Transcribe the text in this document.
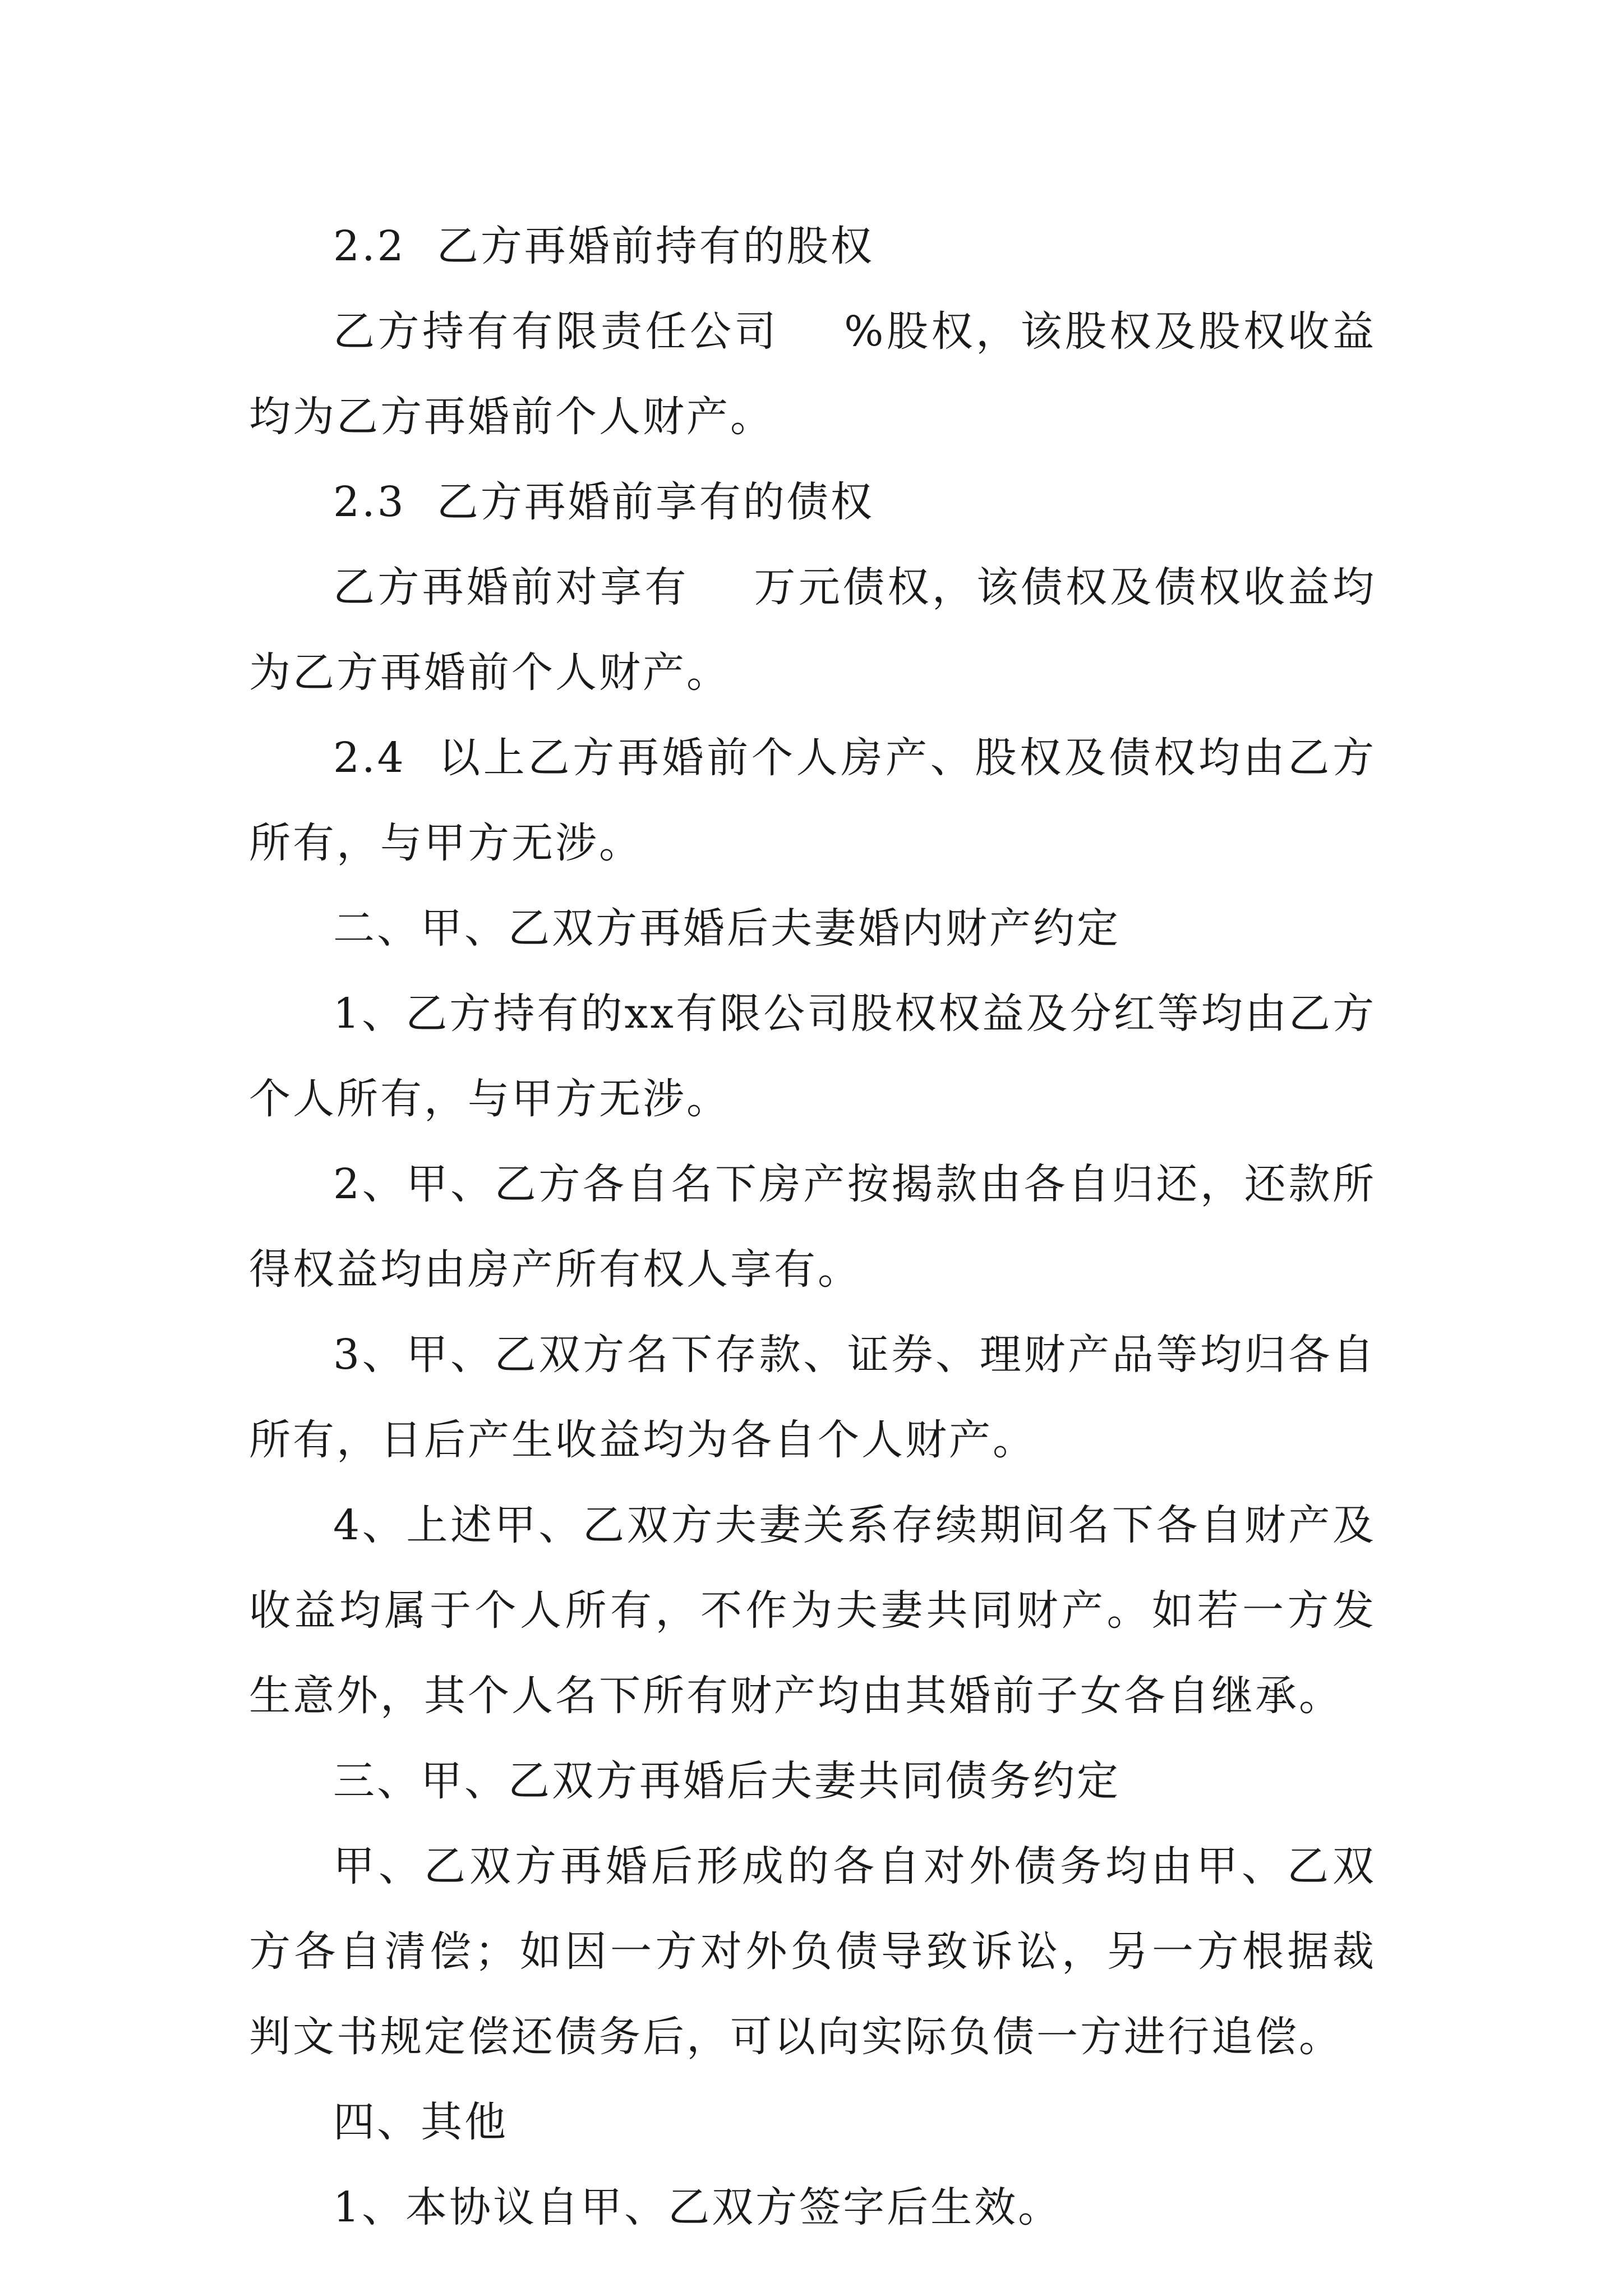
2.2  乙方再婚前持有的股权

乙方持有有限责任公司    %股权，该股权及股权收益均为乙方再婚前个人财产。

2.3  乙方再婚前享有的债权

乙方再婚前对享有    万元债权，该债权及债权收益均为乙方再婚前个人财产。

2.4  以上乙方再婚前个人房产、股权及债权均由乙方所有，与甲方无涉。

二、甲、乙双方再婚后夫妻婚内财产约定

1、乙方持有的xx有限公司股权权益及分红等均由乙方个人所有，与甲方无涉。

2、甲、乙方各自名下房产按揭款由各自归还，还款所得权益均由房产所有权人享有。

3、甲、乙双方名下存款、证券、理财产品等均归各自所有，日后产生收益均为各自个人财产。

4、上述甲、乙双方夫妻关系存续期间名下各自财产及收益均属于个人所有，不作为夫妻共同财产。如若一方发生意外，其个人名下所有财产均由其婚前子女各自继承。

三、甲、乙双方再婚后夫妻共同债务约定

甲、乙双方再婚后形成的各自对外债务均由甲、乙双方各自清偿；如因一方对外负债导致诉讼，另一方根据裁判文书规定偿还债务后，可以向实际负债一方进行追偿。

四、其他

1、本协议自甲、乙双方签字后生效。
